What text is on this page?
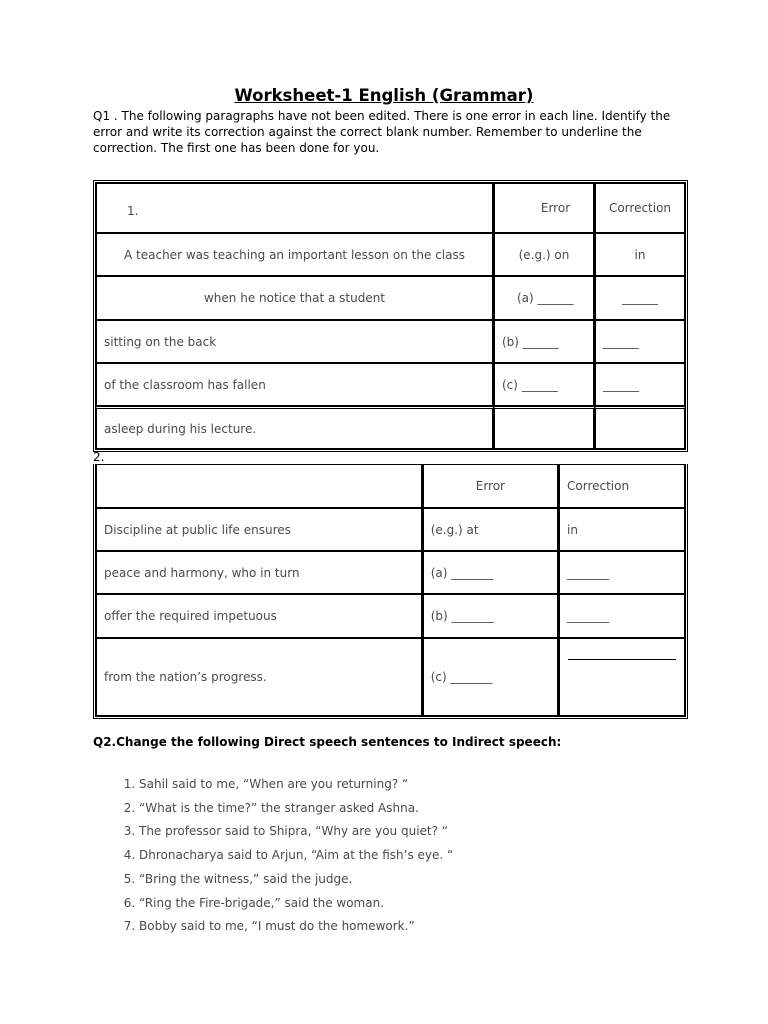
Worksheet-1 English (Grammar)
Q1 . The following paragraphs have not been edited. There is one error in each line. Identify the error and write its correction against the correct blank number. Remember to underline the correction. The first one has been done for you.
1.	Error	Correction
A teacher was teaching an important lesson on the class	(e.g.) on	in
when he notice that a student	(a) ______	______
sitting on the back	(b) ______	______
of the classroom has fallen	(c) ______	______
asleep during his lecture.		
2.
	Error	Correction
Discipline at public life ensures	(e.g.) at	in
peace and harmony, who in turn	(a) _______	_______
offer the required impetuous	(b) _______	_______
from the nation’s progress.	(c) _______	
Q2.Change the following Direct speech sentences to Indirect speech:
1. Sahil said to me, “When are you returning? “
2. “What is the time?” the stranger asked Ashna.
3. The professor said to Shipra, “Why are you quiet? “
4. Dhronacharya said to Arjun, “Aim at the fish’s eye. “
5. “Bring the witness,” said the judge.
6. “Ring the Fire-brigade,” said the woman.
7. Bobby said to me, “I must do the homework.”
